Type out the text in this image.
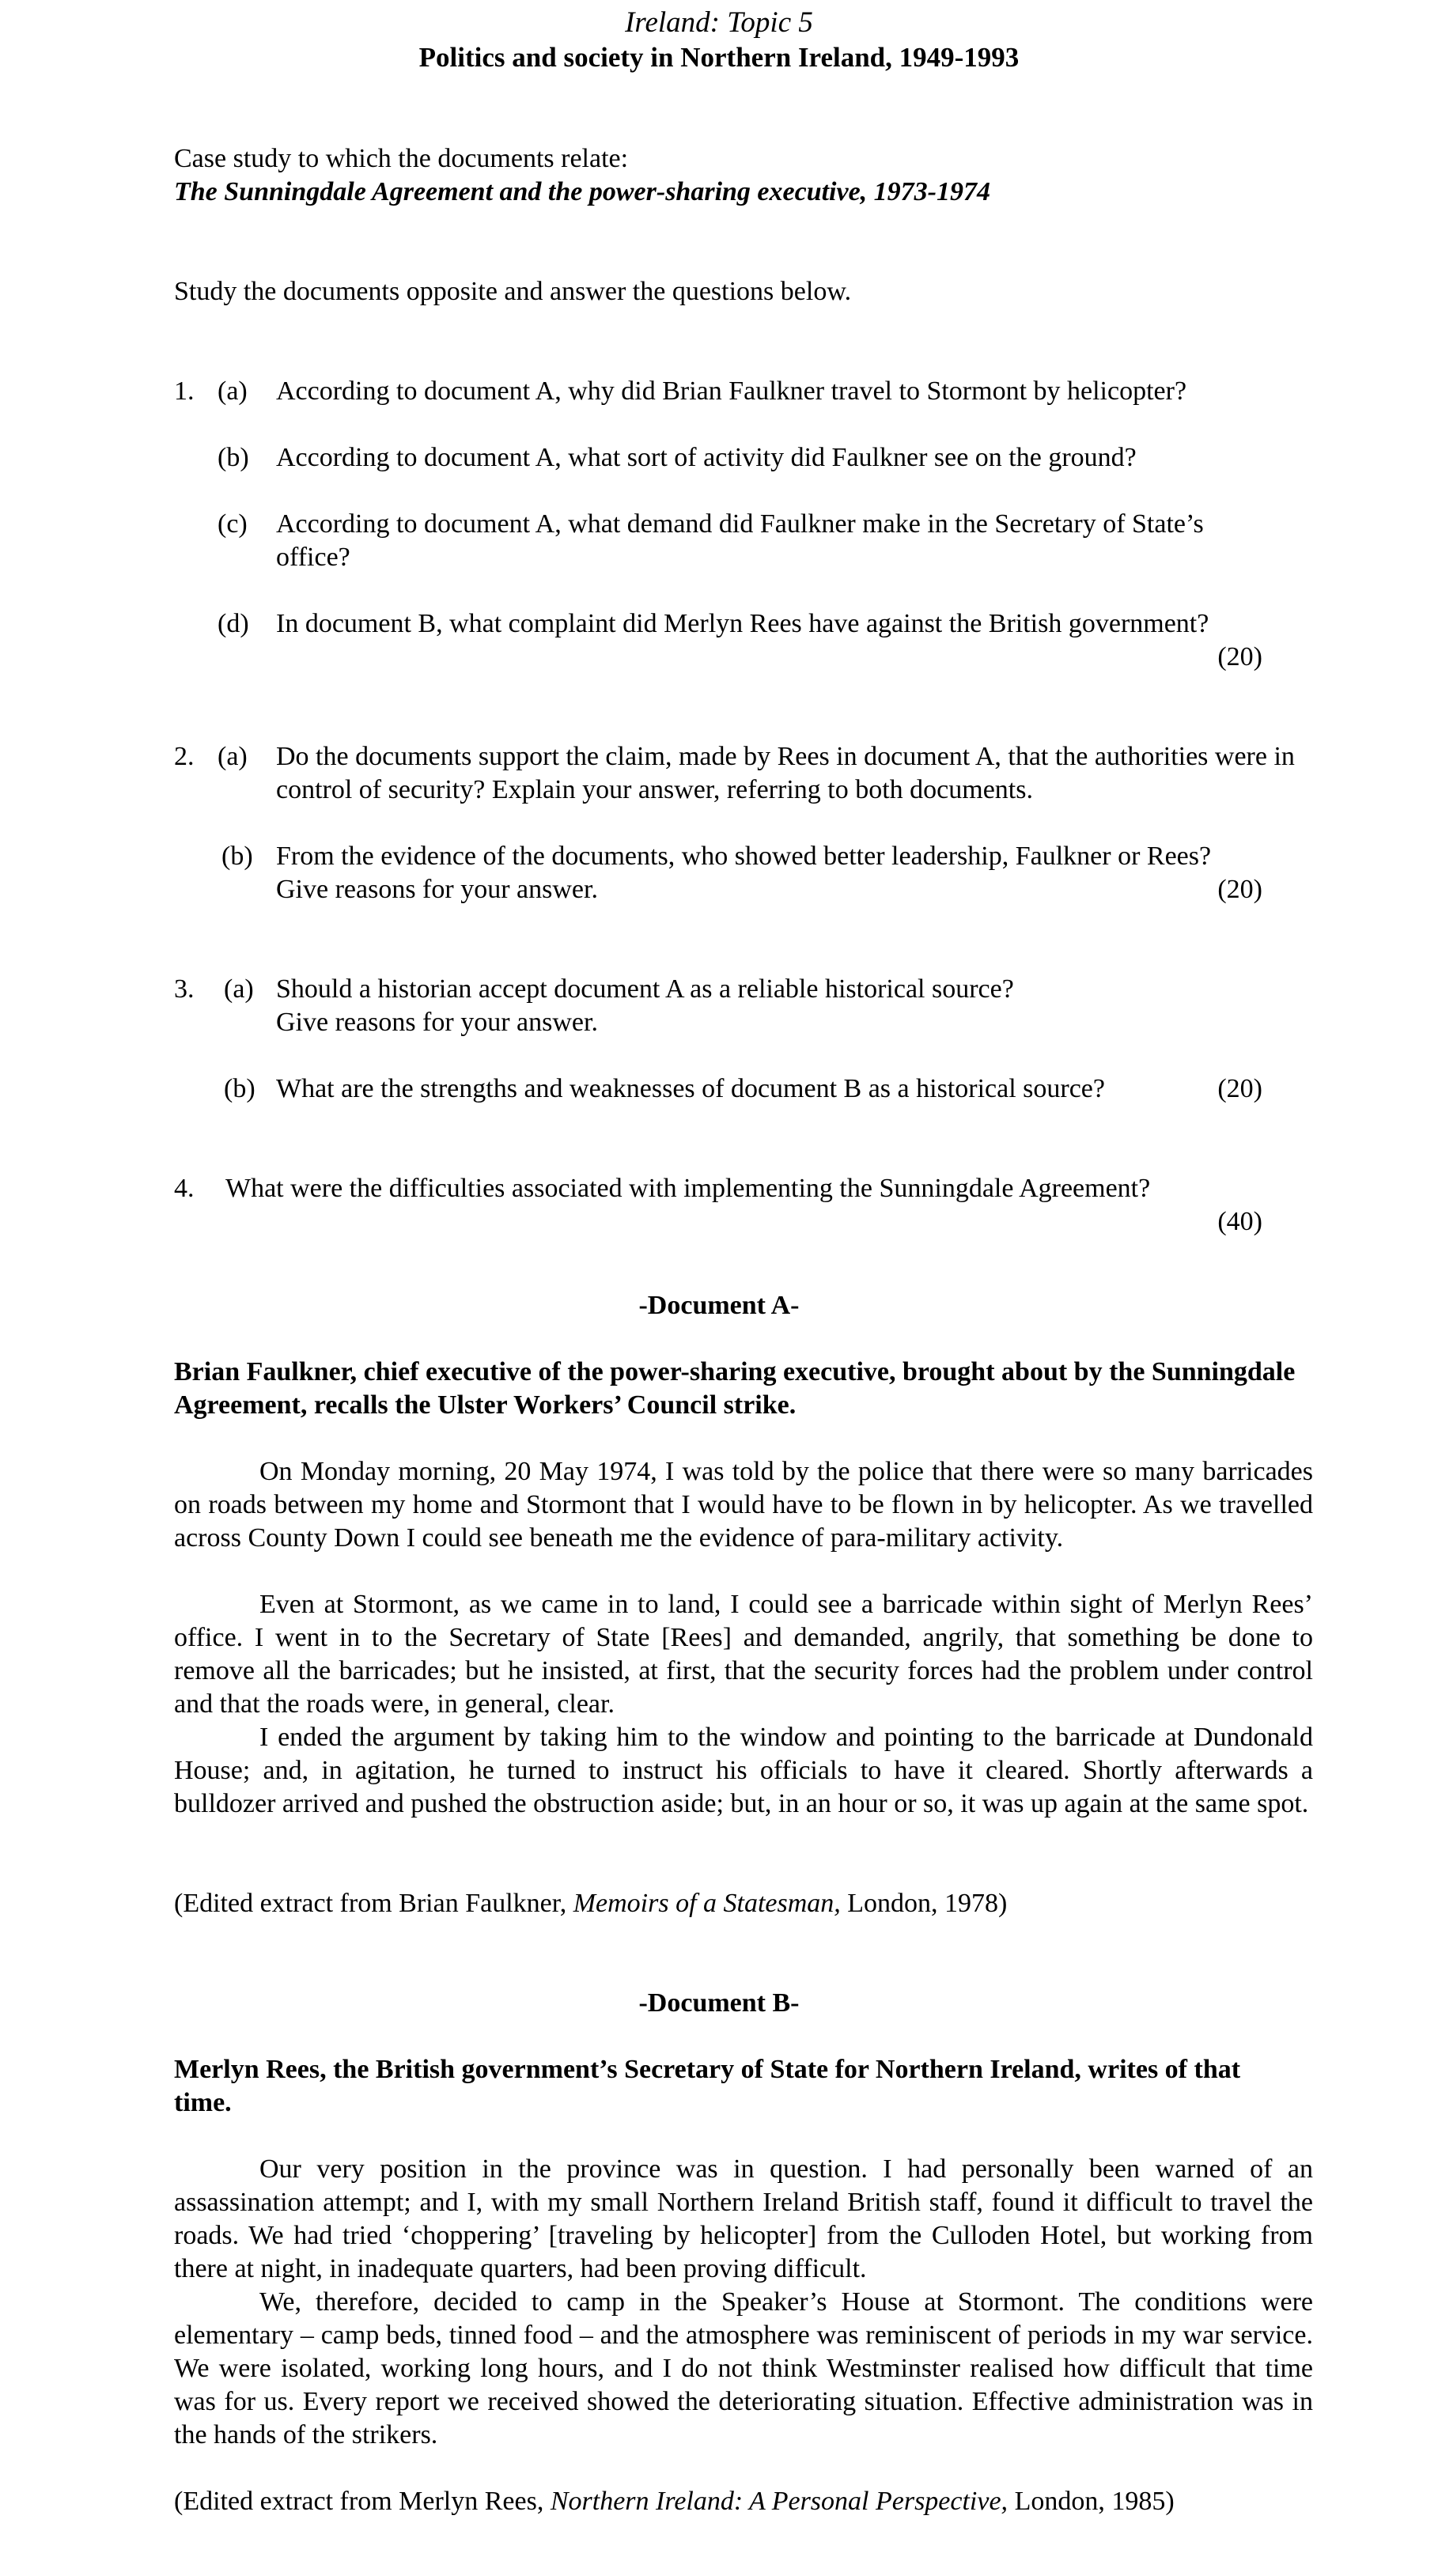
Ireland: Topic 5
Politics and society in Northern Ireland, 1949-1993
Case study to which the documents relate:
The Sunningdale Agreement and the power-sharing executive, 1973-1974
Study the documents opposite and answer the questions below.
1. (a) According to document A, why did Brian Faulkner travel to Stormont by helicopter?
(b) According to document A, what sort of activity did Faulkner see on the ground?
(c) According to document A, what demand did Faulkner make in the Secretary of State’s office?
(d) In document B, what complaint did Merlyn Rees have against the British government?
(20)
2. (a) Do the documents support the claim, made by Rees in document A, that the authorities were in control of security? Explain your answer, referring to both documents.
(b) From the evidence of the documents, who showed better leadership, Faulkner or Rees?
Give reasons for your answer.	(20)
3. (a) Should a historian accept document A as a reliable historical source?
Give reasons for your answer.
(b) What are the strengths and weaknesses of document B as a historical source?	(20)
4. What were the difficulties associated with implementing the Sunningdale Agreement?
(40)
-Document A-
Brian Faulkner, chief executive of the power-sharing executive, brought about by the Sunningdale Agreement, recalls the Ulster Workers’ Council strike.
On Monday morning, 20 May 1974, I was told by the police that there were so many barricades on roads between my home and Stormont that I would have to be flown in by helicopter. As we travelled across County Down I could see beneath me the evidence of para-military activity.
Even at Stormont, as we came in to land, I could see a barricade within sight of Merlyn Rees’ office. I went in to the Secretary of State [Rees] and demanded, angrily, that something be done to remove all the barricades; but he insisted, at first, that the security forces had the problem under control and that the roads were, in general, clear.
I ended the argument by taking him to the window and pointing to the barricade at Dundonald House; and, in agitation, he turned to instruct his officials to have it cleared. Shortly afterwards a bulldozer arrived and pushed the obstruction aside; but, in an hour or so, it was up again at the same spot.
(Edited extract from Brian Faulkner, Memoirs of a Statesman, London, 1978)
-Document B-
Merlyn Rees, the British government’s Secretary of State for Northern Ireland, writes of that time.
Our very position in the province was in question. I had personally been warned of an assassination attempt; and I, with my small Northern Ireland British staff, found it difficult to travel the roads. We had tried ‘choppering’ [traveling by helicopter] from the Culloden Hotel, but working from there at night, in inadequate quarters, had been proving difficult.
We, therefore, decided to camp in the Speaker’s House at Stormont. The conditions were elementary – camp beds, tinned food – and the atmosphere was reminiscent of periods in my war service. We were isolated, working long hours, and I do not think Westminster realised how difficult that time was for us. Every report we received showed the deteriorating situation. Effective administration was in the hands of the strikers.
(Edited extract from Merlyn Rees, Northern Ireland: A Personal Perspective, London, 1985)
